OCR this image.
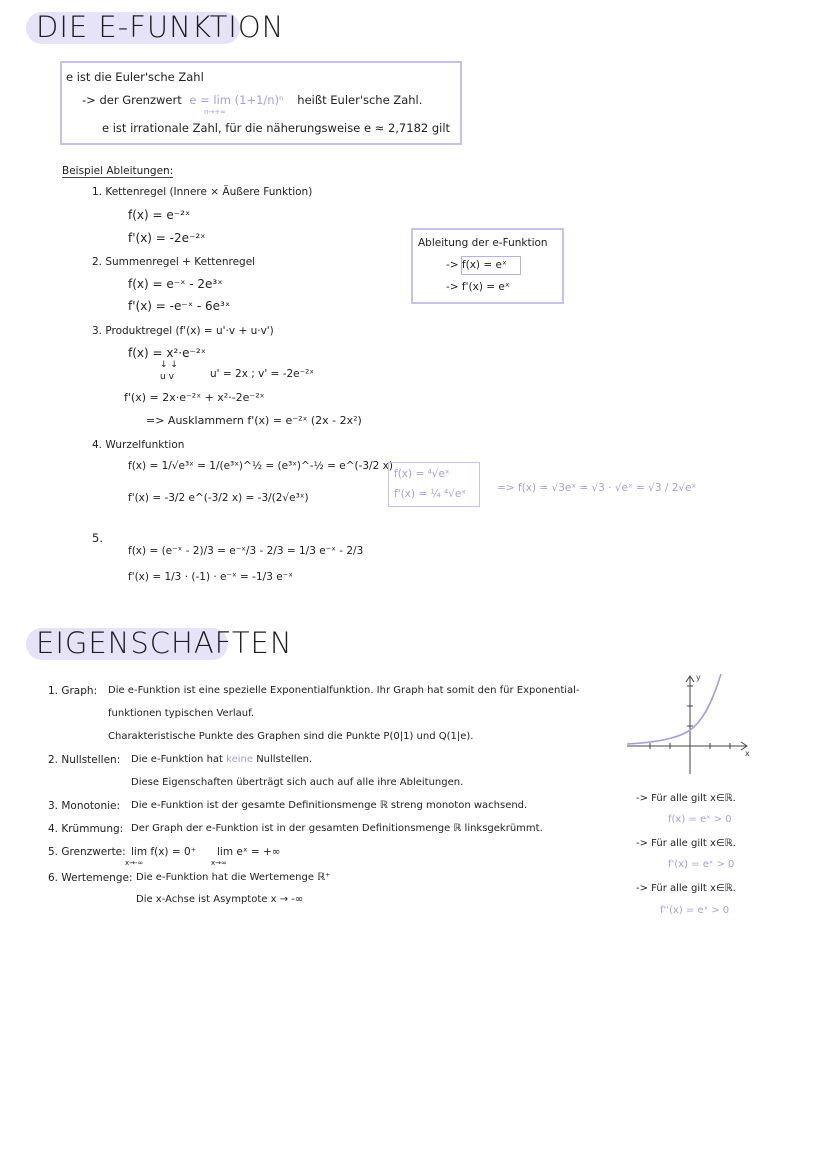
DIE E-FUNKTION
e ist die Euler'sche Zahl
-> der Grenzwert e = lim (1+1/n)ⁿ heißt Euler'sche Zahl.
n→+∞
e ist irrationale Zahl, für die näherungsweise e ≈ 2,7182 gilt
Beispiel Ableitungen:
1. Kettenregel (Innere × Äußere Funktion)
f(x) = e⁻²ˣ
f'(x) = -2e⁻²ˣ
2. Summenregel + Kettenregel
f(x) = e⁻ˣ - 2e³ˣ
f'(x) = -e⁻ˣ - 6e³ˣ
3. Produktregel (f'(x) = u'·v + u·v')
f(x) = x²·e⁻²ˣ
↓ ↓
u v	u' = 2x ; v' = -2e⁻²ˣ
f'(x) = 2x·e⁻²ˣ + x²·-2e⁻²ˣ
=> Ausklammern f'(x) = e⁻²ˣ (2x - 2x²)
4. Wurzelfunktion
f(x) = 1/√e³ˣ = 1/(e³ˣ)^½ = (e³ˣ)^-½ = e^(-3/2 x)
f'(x) = -3/2 e^(-3/2 x) = -3/(2√e³ˣ)
5.
f(x) = (e⁻ˣ - 2)/3 = e⁻ˣ/3 - 2/3 = 1/3 e⁻ˣ - 2/3
f'(x) = 1/3 · (-1) · e⁻ˣ = -1/3 e⁻ˣ
f(x) = ⁴√eˣ
f'(x) = ¼ ⁴√eˣ	=> f(x) = √3eˣ = √3 · √eˣ = √3 / 2√eˣ
Ableitung der e-Funktion
-> f(x) = eˣ
-> f'(x) = eˣ
EIGENSCHAFTEN
1. Graph: Die e-Funktion ist eine spezielle Exponentialfunktion. Ihr Graph hat somit den für Exponential-
funktionen typischen Verlauf.
Charakteristische Punkte des Graphen sind die Punkte P(0|1) und Q(1|e).
2. Nullstellen: Die e-Funktion hat keine Nullstellen.
Diese Eigenschaften überträgt sich auch auf alle ihre Ableitungen.
3. Monotonie: Die e-Funktion ist der gesamte Definitionsmenge ℝ streng monoton wachsend.
4. Krümmung: Der Graph der e-Funktion ist in der gesamten Definitionsmenge ℝ linksgekrümmt.
5. Grenzwerte: lim f(x) = 0⁺
x→-∞
lim eˣ = +∞
x→∞
6. Wertemenge: Die e-Funktion hat die Wertemenge ℝ⁺
Die x-Achse ist Asymptote x → -∞
y
x
-> Für alle gilt x∈ℝ.
f(x) = eˣ > 0
-> Für alle gilt x∈ℝ.
f'(x) = eˣ > 0
-> Für alle gilt x∈ℝ.
f''(x) = eˣ > 0
